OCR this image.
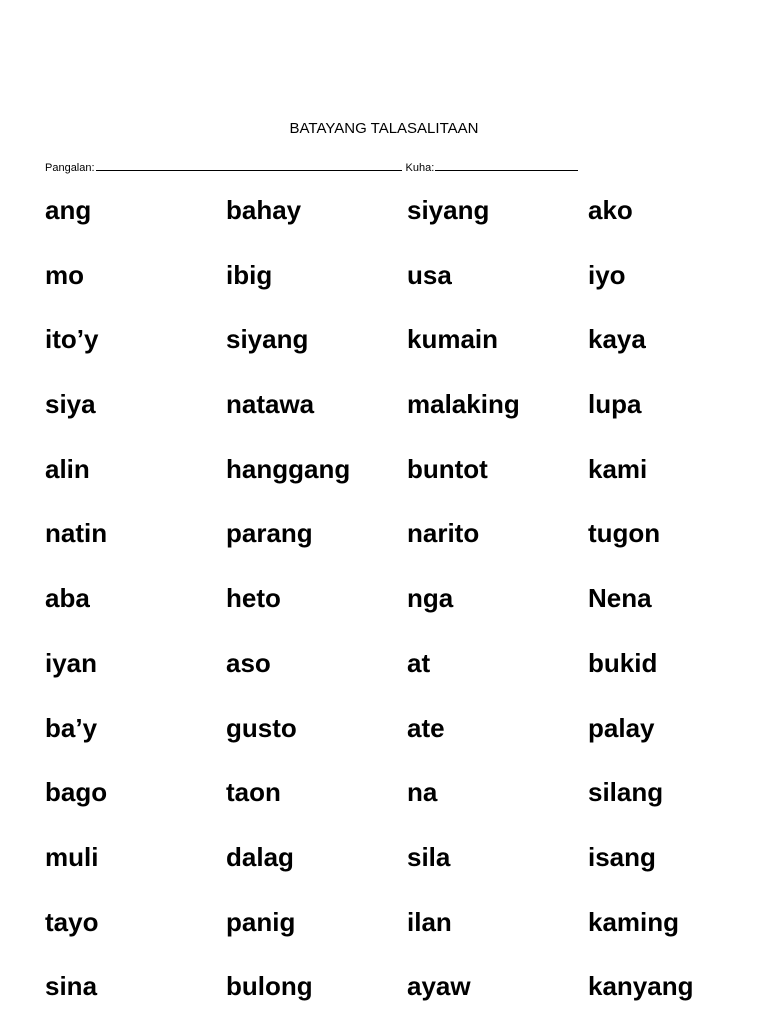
BATAYANG TALASALITAAN
Pangalan:	Kuha:
ang	bahay	siyang	ako
mo	ibig	usa	iyo
ito’y	siyang	kumain	kaya
siya	natawa	malaking	lupa
alin	hanggang	buntot	kami
natin	parang	narito	tugon
aba	heto	nga	Nena
iyan	aso	at	bukid
ba’y	gusto	ate	palay
bago	taon	na	silang
muli	dalag	sila	isang
tayo	panig	ilan	kaming
sina	bulong	ayaw	kanyang
